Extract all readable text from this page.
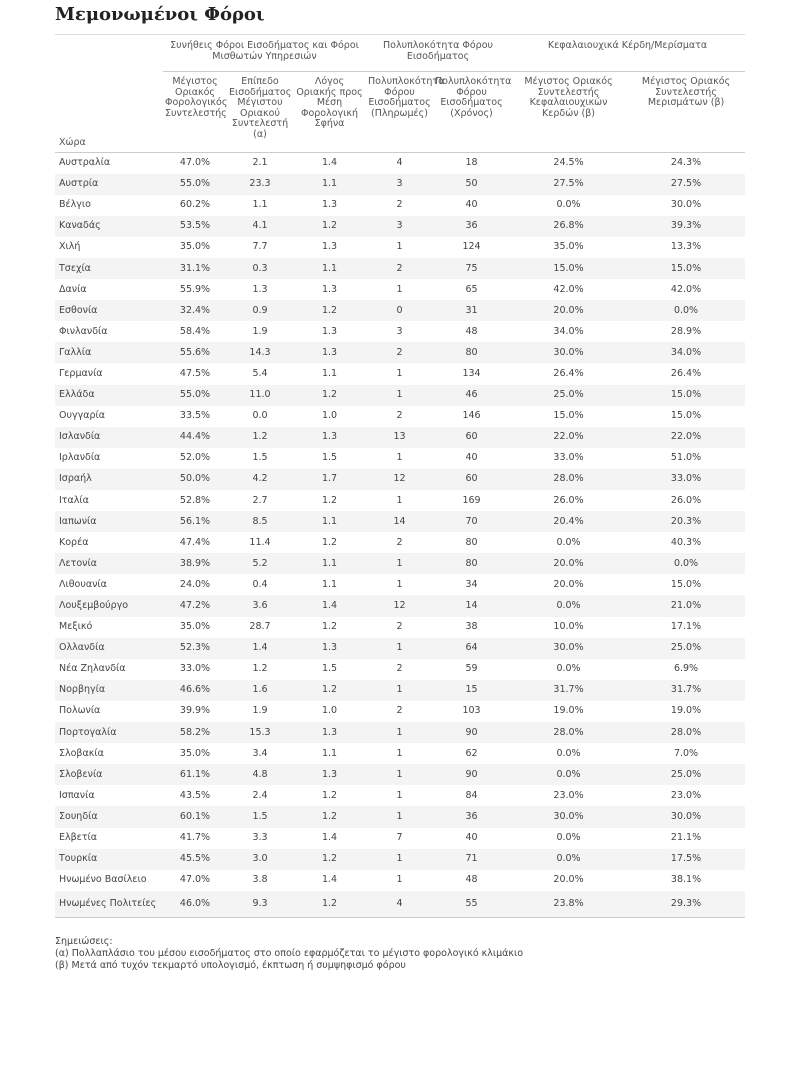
Μεμονωμένοι Φόροι
	Συνήθεις Φόροι Εισοδήματος και Φόροι Μισθωτών Υπηρεσιών			Πολυπλοκότητα Φόρου Εισοδήματος		Κεφαλαιουχικά Κέρδη/Μερίσματα	
Χώρα	Μέγιστος Οριακός Φορολογικός Συντελεστής	Επίπεδο Εισοδήματος Μέγιστου Οριακού Συντελεστή (α)	Λόγος Οριακής προς Μέση Φορολογική Σφήνα	Πολυπλοκότητα Φόρου Εισοδήματος (Πληρωμές)	Πολυπλοκότητα Φόρου Εισοδήματος (Χρόνος)	Μέγιστος Οριακός Συντελεστής Κεφαλαιουχικών Κερδών (β)	Μέγιστος Οριακός Συντελεστής Μερισμάτων (β)
Αυστραλία	47.0%	2.1	1.4	4	18	24.5%	24.3%
Αυστρία	55.0%	23.3	1.1	3	50	27.5%	27.5%
Βέλγιο	60.2%	1.1	1.3	2	40	0.0%	30.0%
Καναδάς	53.5%	4.1	1.2	3	36	26.8%	39.3%
Χιλή	35.0%	7.7	1.3	1	124	35.0%	13.3%
Τσεχία	31.1%	0.3	1.1	2	75	15.0%	15.0%
Δανία	55.9%	1.3	1.3	1	65	42.0%	42.0%
Εσθονία	32.4%	0.9	1.2	0	31	20.0%	0.0%
Φινλανδία	58.4%	1.9	1.3	3	48	34.0%	28.9%
Γαλλία	55.6%	14.3	1.3	2	80	30.0%	34.0%
Γερμανία	47.5%	5.4	1.1	1	134	26.4%	26.4%
Ελλάδα	55.0%	11.0	1.2	1	46	25.0%	15.0%
Ουγγαρία	33.5%	0.0	1.0	2	146	15.0%	15.0%
Ισλανδία	44.4%	1.2	1.3	13	60	22.0%	22.0%
Ιρλανδία	52.0%	1.5	1.5	1	40	33.0%	51.0%
Ισραήλ	50.0%	4.2	1.7	12	60	28.0%	33.0%
Ιταλία	52.8%	2.7	1.2	1	169	26.0%	26.0%
Ιαπωνία	56.1%	8.5	1.1	14	70	20.4%	20.3%
Κορέα	47.4%	11.4	1.2	2	80	0.0%	40.3%
Λετονία	38.9%	5.2	1.1	1	80	20.0%	0.0%
Λιθουανία	24.0%	0.4	1.1	1	34	20.0%	15.0%
Λουξεμβούργο	47.2%	3.6	1.4	12	14	0.0%	21.0%
Μεξικό	35.0%	28.7	1.2	2	38	10.0%	17.1%
Ολλανδία	52.3%	1.4	1.3	1	64	30.0%	25.0%
Νέα Ζηλανδία	33.0%	1.2	1.5	2	59	0.0%	6.9%
Νορβηγία	46.6%	1.6	1.2	1	15	31.7%	31.7%
Πολωνία	39.9%	1.9	1.0	2	103	19.0%	19.0%
Πορτογαλία	58.2%	15.3	1.3	1	90	28.0%	28.0%
Σλοβακία	35.0%	3.4	1.1	1	62	0.0%	7.0%
Σλοβενία	61.1%	4.8	1.3	1	90	0.0%	25.0%
Ισπανία	43.5%	2.4	1.2	1	84	23.0%	23.0%
Σουηδία	60.1%	1.5	1.2	1	36	30.0%	30.0%
Ελβετία	41.7%	3.3	1.4	7	40	0.0%	21.1%
Τουρκία	45.5%	3.0	1.2	1	71	0.0%	17.5%
Ηνωμένο Βασίλειο	47.0%	3.8	1.4	1	48	20.0%	38.1%
Ηνωμένες Πολιτείες	46.0%	9.3	1.2	4	55	23.8%	29.3%
Σημειώσεις:
(α) Πολλαπλάσιο του μέσου εισοδήματος στο οποίο εφαρμόζεται το μέγιστο φορολογικό κλιμάκιο
(β) Μετά από τυχόν τεκμαρτό υπολογισμό, έκπτωση ή συμψηφισμό φόρου
